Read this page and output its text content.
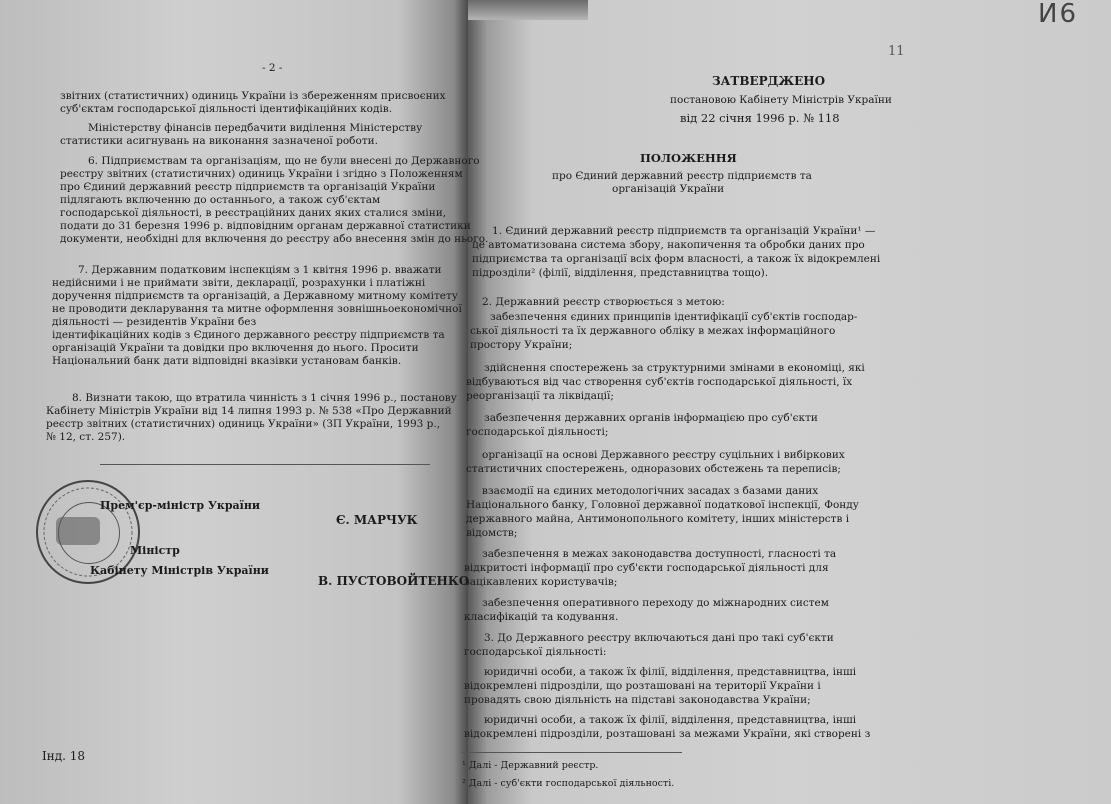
- 2 -
звітних (статистичних) одиниць України із збереженням присвоєних
суб'єктам господарської діяльності ідентифікаційних кодів.
Міністерству фінансів передбачити виділення Міністерству
статистики асигнувань на виконання зазначеної роботи.
6. Підприємствам та організаціям, що не були внесені до Державного
реєстру звітних (статистичних) одиниць України і згідно з Положенням
про Єдиний державний реєстр підприємств та організацій України
підлягають включенню до останнього, а також суб'єктам
господарської діяльності, в реєстраційних даних яких сталися зміни,
подати до 31 березня 1996 р. відповідним органам державної статистики
документи, необхідні для включення до реєстру або внесення змін до нього.
7. Державним податковим інспекціям з 1 квітня 1996 р. вважати
недійсними і не приймати звіти, декларації, розрахунки і платіжні
доручення підприємств та організацій, а Державному митному комітету
не проводити декларування та митне оформлення зовнішньоекономічної
діяльності — резидентів України без
ідентифікаційних кодів з Єдиного державного реєстру підприємств та
організацій України та довідки про включення до нього. Просити
Національний банк дати відповідні вказівки установам банків.
8. Визнати такою, що втратила чинність з 1 січня 1996 р., постанову
Кабінету Міністрів України від 14 липня 1993 р. № 538 «Про Державний
реєстр звітних (статистичних) одиниць України» (ЗП України, 1993 р.,
№ 12, ст. 257).
Прем'єр-міністр України
Є. МАРЧУК
Міністр
Кабінету Міністрів України
В. ПУСТОВОЙТЕНКО
Інд. 18
И6
11
ЗАТВЕРДЖЕНО
постановою Кабінету Міністрів України
від 22 січня 1996 р. № 118
ПОЛОЖЕННЯ
про Єдиний державний реєстр підприємств та
організацій України
1. Єдиний державний реєстр підприємств та організацій України¹ —
це автоматизована система збору, накопичення та обробки даних про
підприємства та організації всіх форм власності, а також їх відокремлені
підрозділи² (філії, відділення, представництва тощо).
2. Державний реєстр створюється з метою:
забезпечення єдиних принципів ідентифікації суб'єктів господар-
ської діяльності та їх державного обліку в межах інформаційного
простору України;
здійснення спостережень за структурними змінами в економіці, які
відбуваються від час створення суб'єктів господарської діяльності, їх
реорганізації та ліквідації;
забезпечення державних органів інформацією про суб'єкти
господарської діяльності;
організації на основі Державного реєстру суцільних і вибіркових
статистичних спостережень, одноразових обстежень та переписів;
взаємодії на єдиних методологічних засадах з базами даних
Національного банку, Головної державної податкової інспекції, Фонду
державного майна, Антимонопольного комітету, інших міністерств і
відомств;
забезпечення в межах законодавства доступності, гласності та
відкритості інформації про суб'єкти господарської діяльності для
зацікавлених користувачів;
забезпечення оперативного переходу до міжнародних систем
класифікацій та кодування.
3. До Державного реєстру включаються дані про такі суб'єкти
господарської діяльності:
юридичні особи, а також їх філії, відділення, представництва, інші
відокремлені підрозділи, що розташовані на території України і
провадять свою діяльність на підставі законодавства України;
юридичні особи, а також їх філії, відділення, представництва, інші
відокремлені підрозділи, розташовані за межами України, які створені з
¹ Далі - Державний реєстр.
² Далі - суб'єкти господарської діяльності.
